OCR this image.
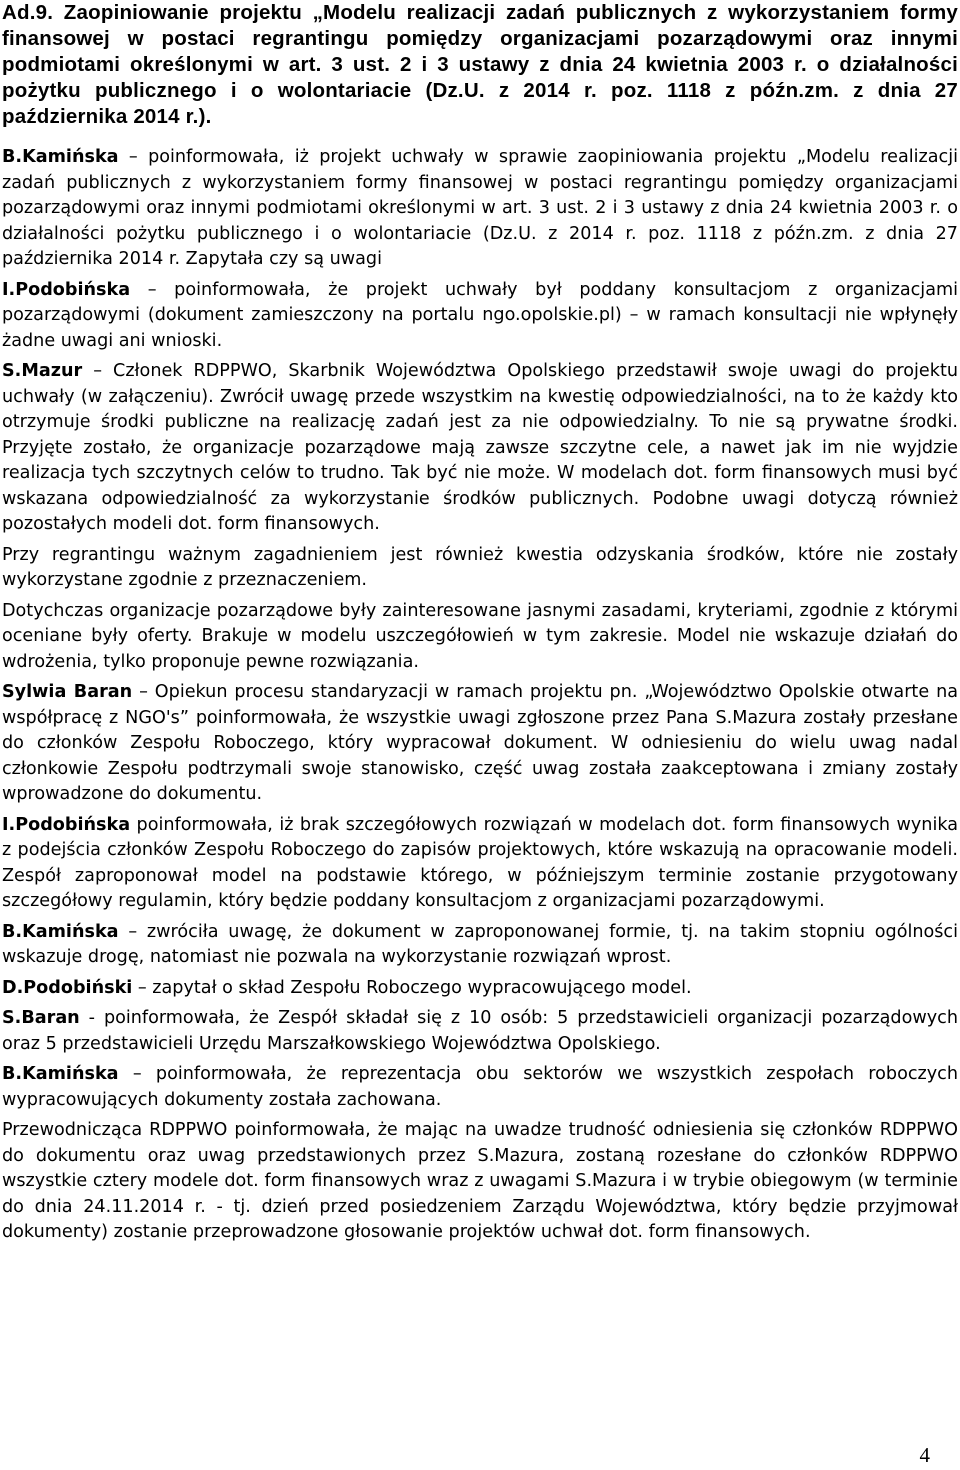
Ad.9. Zaopiniowanie projektu „Modelu realizacji zadań publicznych z wykorzystaniem formy finansowej w postaci regrantingu pomiędzy organizacjami pozarządowymi oraz innymi podmiotami określonymi w art. 3 ust. 2 i 3 ustawy z dnia 24 kwietnia 2003 r. o działalności pożytku publicznego i o wolontariacie (Dz.U. z 2014 r. poz. 1118 z późn.zm. z dnia 27 października 2014 r.).

B.Kamińska – poinformowała, iż projekt uchwały w sprawie zaopiniowania projektu „Modelu realizacji zadań publicznych z wykorzystaniem formy finansowej w postaci regrantingu pomiędzy organizacjami pozarządowymi oraz innymi podmiotami określonymi w art. 3 ust. 2 i 3 ustawy z dnia 24 kwietnia 2003 r. o działalności pożytku publicznego i o wolontariacie (Dz.U. z 2014 r. poz. 1118 z późn.zm. z dnia 27 października 2014 r. Zapytała czy są uwagi

I.Podobińska – poinformowała, że projekt uchwały był poddany konsultacjom z organizacjami pozarządowymi (dokument zamieszczony na portalu ngo.opolskie.pl) – w ramach konsultacji nie wpłynęły żadne uwagi ani wnioski.

S.Mazur – Członek RDPPWO, Skarbnik Województwa Opolskiego przedstawił swoje uwagi do projektu uchwały (w załączeniu). Zwrócił uwagę przede wszystkim na kwestię odpowiedzialności, na to że każdy kto otrzymuje środki publiczne na realizację zadań jest za nie odpowiedzialny. To nie są prywatne środki. Przyjęte zostało, że organizacje pozarządowe mają zawsze szczytne cele, a nawet jak im nie wyjdzie realizacja tych szczytnych celów to trudno. Tak być nie może. W modelach dot. form finansowych musi być wskazana odpowiedzialność za wykorzystanie środków publicznych. Podobne uwagi dotyczą również pozostałych modeli dot. form finansowych.

Przy regrantingu ważnym zagadnieniem jest również kwestia odzyskania środków, które nie zostały wykorzystane zgodnie z przeznaczeniem.

Dotychczas organizacje pozarządowe były zainteresowane jasnymi zasadami, kryteriami, zgodnie z którymi oceniane były oferty. Brakuje w modelu uszczegółowień w tym zakresie. Model nie wskazuje działań do wdrożenia, tylko proponuje pewne rozwiązania.

Sylwia Baran – Opiekun procesu standaryzacji w ramach projektu pn. „Województwo Opolskie otwarte na współpracę z NGO's” poinformowała, że wszystkie uwagi zgłoszone przez Pana S.Mazura zostały przesłane do członków Zespołu Roboczego, który wypracował dokument. W odniesieniu do wielu uwag nadal członkowie Zespołu podtrzymali swoje stanowisko, część uwag została zaakceptowana i zmiany zostały wprowadzone do dokumentu.

I.Podobińska poinformowała, iż brak szczegółowych rozwiązań w modelach dot. form finansowych wynika z podejścia członków Zespołu Roboczego do zapisów projektowych, które wskazują na opracowanie modeli. Zespół zaproponował model na podstawie którego, w późniejszym terminie zostanie przygotowany szczegółowy regulamin, który będzie poddany konsultacjom z organizacjami pozarządowymi.

B.Kamińska – zwróciła uwagę, że dokument w zaproponowanej formie, tj. na takim stopniu ogólności wskazuje drogę, natomiast nie pozwala na wykorzystanie rozwiązań wprost.

D.Podobiński – zapytał o skład Zespołu Roboczego wypracowującego model.

S.Baran - poinformowała, że Zespół składał się z 10 osób: 5 przedstawicieli organizacji pozarządowych oraz 5 przedstawicieli Urzędu Marszałkowskiego Województwa Opolskiego.

B.Kamińska – poinformowała, że reprezentacja obu sektorów we wszystkich zespołach roboczych wypracowujących dokumenty została zachowana.

Przewodnicząca RDPPWO poinformowała, że mając na uwadze trudność odniesienia się członków RDPPWO do dokumentu oraz uwag przedstawionych przez S.Mazura, zostaną rozesłane do członków RDPPWO wszystkie cztery modele dot. form finansowych wraz z uwagami S.Mazura i w trybie obiegowym (w terminie do dnia 24.11.2014 r. - tj. dzień przed posiedzeniem Zarządu Województwa, który będzie przyjmował dokumenty) zostanie przeprowadzone głosowanie projektów uchwał dot. form finansowych.

4
